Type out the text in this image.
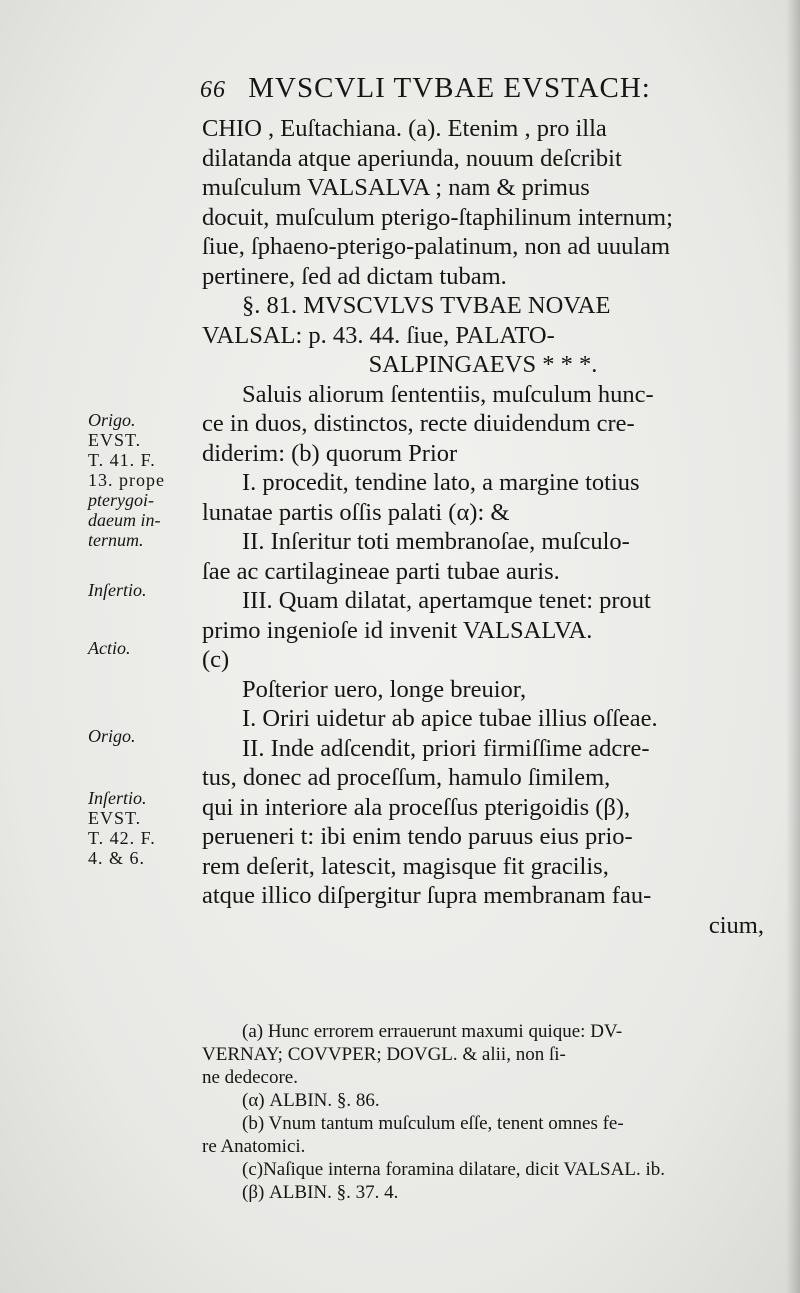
66 MVSCVLI TVBAE EVSTACH:
CHIO , Euſtachiana. (a). Etenim , pro illa
dilatanda atque aperiunda, nouum deſcribit
muſculum VALSALVA ; nam & primus
docuit, muſculum pterigo-ſtaphilinum internum;
ſiue, ſphaeno-pterigo-palatinum, non ad uuulam
pertinere, ſed ad dictam tubam.
§. 81. MVSCVLVS TVBAE NOVAE
VALSAL: p. 43. 44. ſiue, PALATO-
SALPINGAEVS * * *.
Saluis aliorum ſententiis, muſculum hunc-
ce in duos, distinctos, recte diuidendum cre-
diderim: (b) quorum Prior
I. procedit, tendine lato, a margine totius
lunatae partis oſſis palati (α): &
II. Inſeritur toti membranoſae, muſculo-
ſae ac cartilagineae parti tubae auris.
III. Quam dilatat, apertamque tenet: prout
primo ingenioſe id invenit VALSALVA.
(c)
Poſterior uero, longe breuior,
I. Oriri uidetur ab apice tubae illius oſſeae.
II. Inde adſcendit, priori firmiſſime adcre-
tus, donec ad proceſſum, hamulo ſimilem,
qui in interiore ala proceſſus pterigoidis (β),
perueneri t: ibi enim tendo paruus eius prio-
rem deſerit, latescit, magisque fit gracilis,
atque illico diſpergitur ſupra membranam fau-
cium,
(a) Hunc errorem errauerunt maxumi quique: DV-
VERNAY; COVVPER; DOVGL. & alii, non ſi-
ne dedecore.
(α) ALBIN. §. 86.
(b) Vnum tantum muſculum eſſe, tenent omnes fe-
re Anatomici.
(c)Naſique interna foramina dilatare, dicit VALSAL. ib.
(β) ALBIN. §. 37. 4.
Origo.
EVST.
T. 41. F.
13. prope
pterygoi-
daeum in-
ternum.
Inſertio.
Actio.
Origo.
Inſertio.
EVST.
T. 42. F.
4. & 6.
